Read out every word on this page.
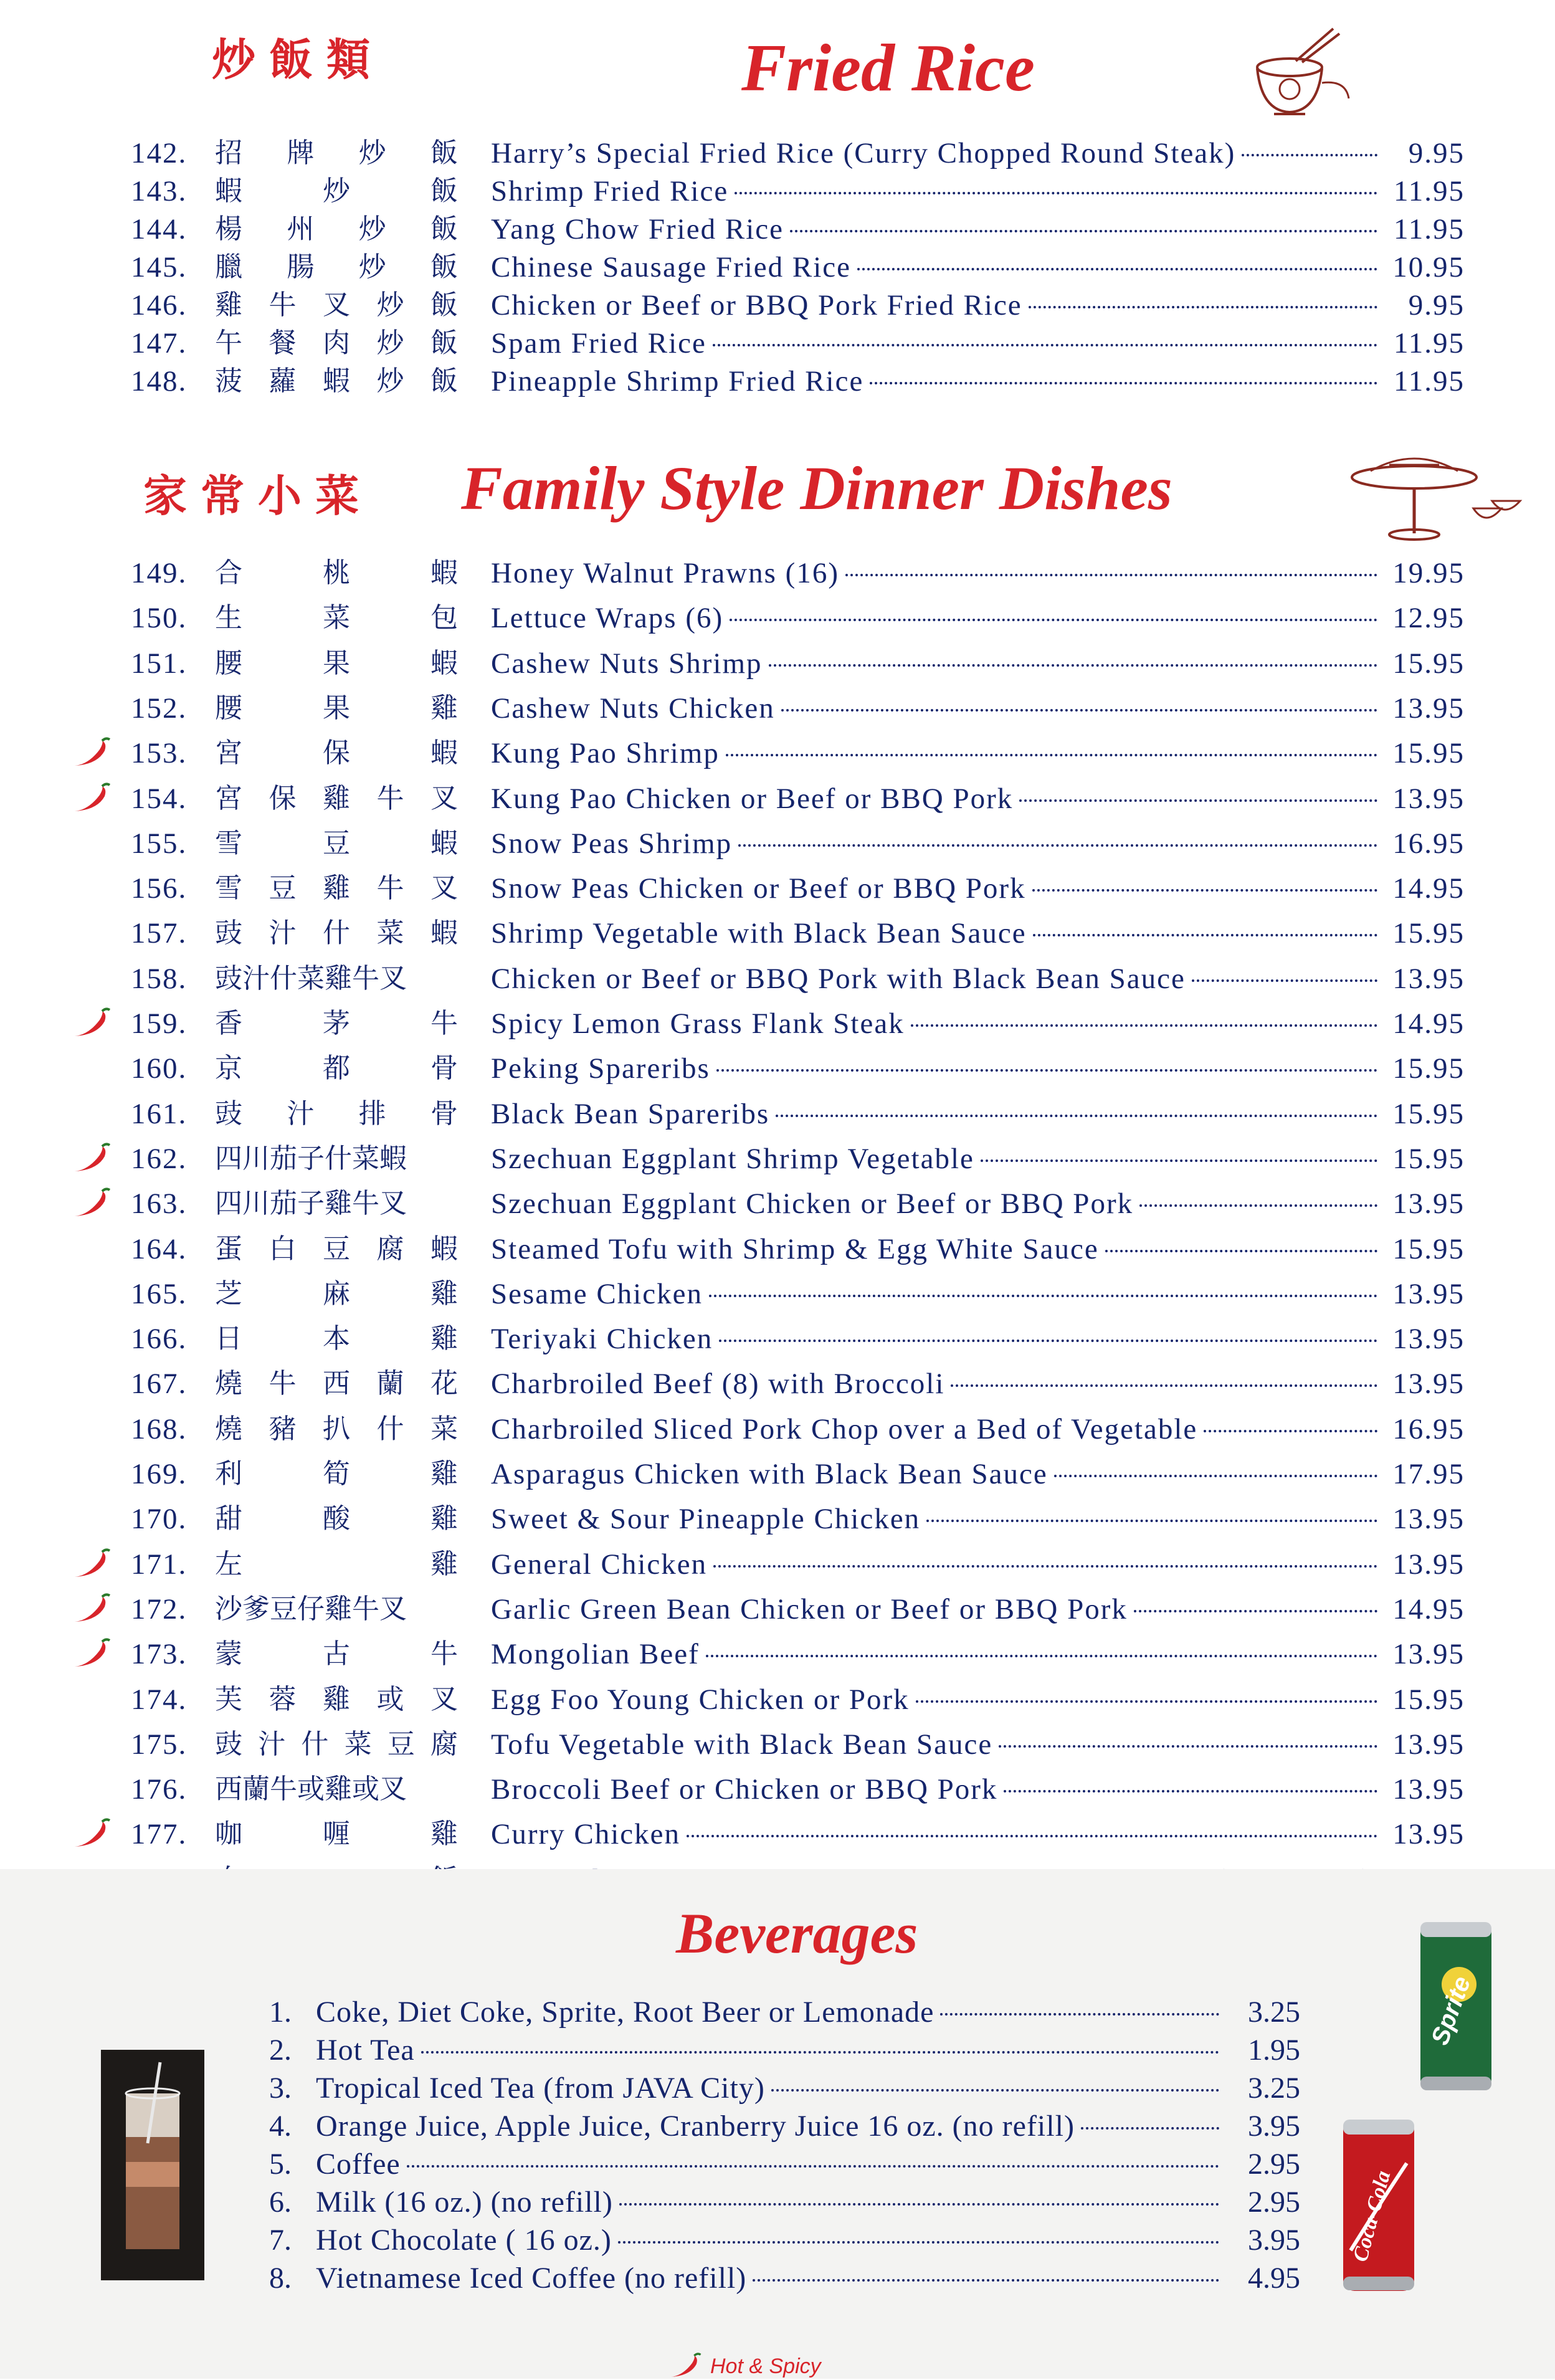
炒飯類	Fried Rice
142.	招 牌 炒 飯 Harry’s Special Fried Rice (Curry Chopped Round Steak)	9.95
143.	蝦	炒	飯 Shrimp Fried Rice	11.95
144.	楊 州 炒 飯 Yang Chow Fried Rice	11.95
145.	臘 腸 炒 飯 Chinese Sausage Fried Rice	10.95
146.	雞 牛 叉 炒 飯 Chicken or Beef or BBQ Pork Fried Rice	9.95
147.	午 餐 肉 炒 飯 Spam Fried Rice	11.95
148.	菠 蘿 蝦 炒 飯 Pineapple Shrimp Fried Rice	11.95
家常小菜 Family Style Dinner Dishes
149.	合	桃	蝦 Honey Walnut Prawns (16)	19.95
150.	生	菜	包 Lettuce Wraps (6)	12.95
151.	腰	果	蝦 Cashew Nuts Shrimp	15.95
152.	腰	果	雞 Cashew Nuts Chicken	13.95
153.	宮	保	蝦 Kung Pao Shrimp	15.95
154.	宮 保 雞 牛 叉 Kung Pao Chicken or Beef or BBQ Pork	13.95
155.	雪	豆	蝦 Snow Peas Shrimp	16.95
156.	雪 豆 雞 牛 叉 Snow Peas Chicken or Beef or BBQ Pork	14.95
157.	豉 汁 什 菜 蝦 Shrimp Vegetable with Black Bean Sauce	15.95
158.	豉汁什菜雞牛叉	Chicken or Beef or BBQ Pork with Black Bean Sauce	13.95
159.	香	茅	牛 Spicy Lemon Grass Flank Steak	14.95
160.	京	都	骨 Peking Spareribs	15.95
161.	豉 汁 排 骨 Black Bean Spareribs	15.95
162.	四川茄子什菜蝦	Szechuan Eggplant Shrimp Vegetable	15.95
163.	四川茄子雞牛叉	Szechuan Eggplant Chicken or Beef or BBQ Pork	13.95
164.	蛋 白 豆 腐 蝦 Steamed Tofu with Shrimp & Egg White Sauce	15.95
165.	芝	麻	雞 Sesame Chicken	13.95
166.	日	本	雞 Teriyaki Chicken	13.95
167.	燒 牛 西 蘭 花 Charbroiled Beef (8) with Broccoli	13.95
168.	燒 豬 扒 什 菜 Charbroiled Sliced Pork Chop over a Bed of Vegetable	16.95
169.	利	筍	雞 Asparagus Chicken with Black Bean Sauce	17.95
170.	甜	酸	雞 Sweet & Sour Pineapple Chicken	13.95
171.	左	雞 General Chicken	13.95
172.	沙爹豆仔雞牛叉	Garlic Green Bean Chicken or Beef or BBQ Pork	14.95
173.	蒙	古	牛 Mongolian Beef	13.95
174.	芙 蓉 雞 或 叉 Egg Foo Young Chicken or Pork	15.95
175.	豉 汁 什 菜 豆 腐 Tofu Vegetable with Black Bean Sauce	13.95
176.	西蘭牛或雞或叉	Broccoli Beef or Chicken or BBQ Pork	13.95
177.	咖	喱	雞 Curry Chicken	13.95
Beverages
Sprite
Coca-Cola
1. Coke, Diet Coke, Sprite, Root Beer or Lemonade	3.25
2. Hot Tea	1.95
3. Tropical Iced Tea (from JAVA City)	3.25
4. Orange Juice, Apple Juice, Cranberry Juice 16 oz. (no refill)	3.95
5. Coffee	2.95
6. Milk (16 oz.) (no refill)	2.95
7. Hot Chocolate ( 16 oz.)	3.95
8. Vietnamese Iced Coffee (no refill)	4.95
Hot & Spicy
